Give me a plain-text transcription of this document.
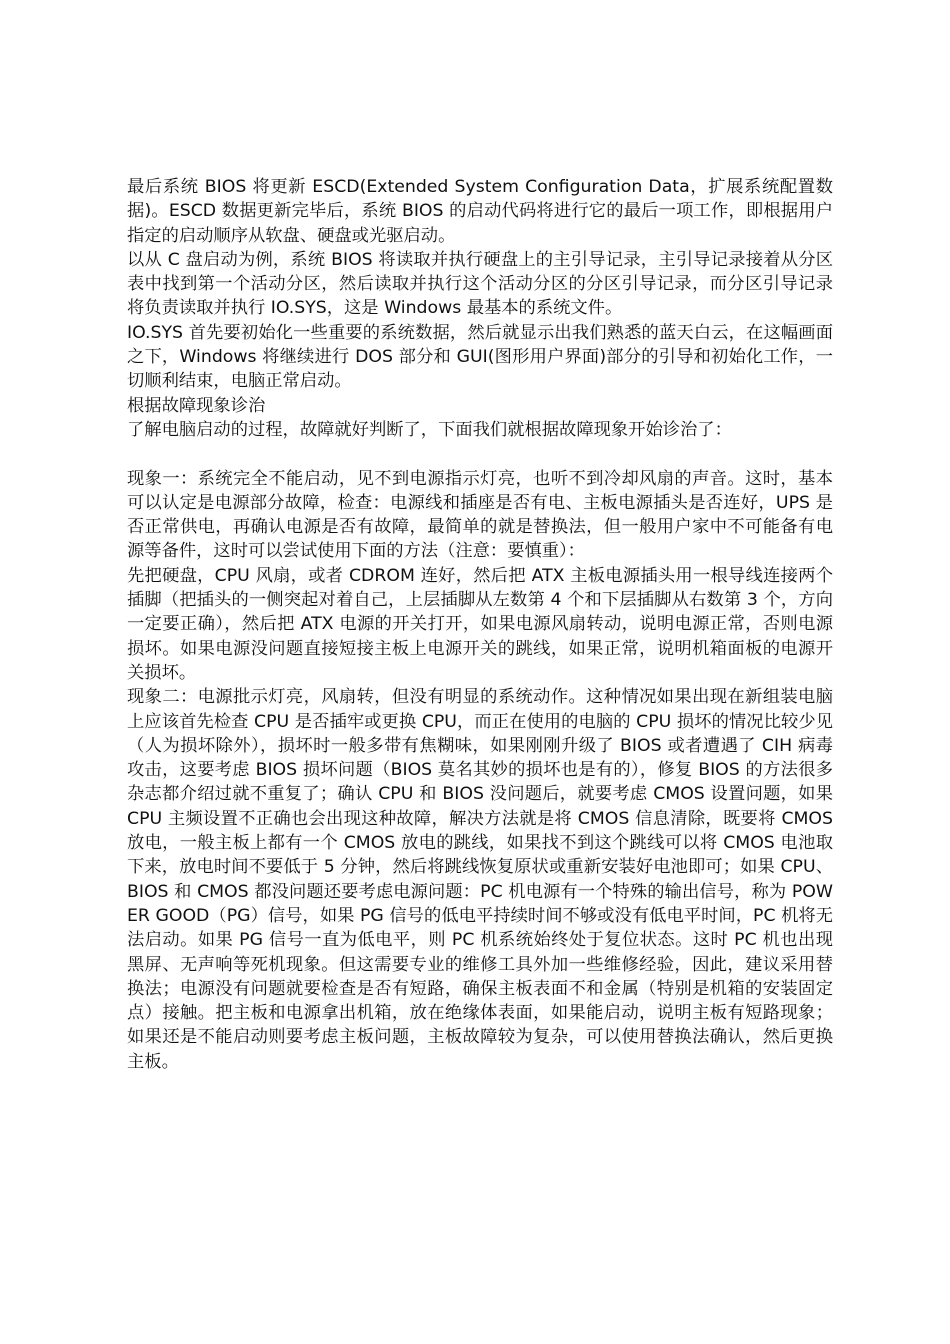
最后系统 BIOS 将更新 ESCD(Extended System Configuration Data，扩展系统配置数据)。ESCD 数据更新完毕后，系统 BIOS 的启动代码将进行它的最后一项工作，即根据用户指定的启动顺序从软盘、硬盘或光驱启动。

以从 C 盘启动为例，系统 BIOS 将读取并执行硬盘上的主引导记录，主引导记录接着从分区表中找到第一个活动分区，然后读取并执行这个活动分区的分区引导记录，而分区引导记录将负责读取并执行 IO.SYS，这是 Windows 最基本的系统文件。

IO.SYS 首先要初始化一些重要的系统数据，然后就显示出我们熟悉的蓝天白云，在这幅画面之下，Windows 将继续进行 DOS 部分和 GUI(图形用户界面)部分的引导和初始化工作，一切顺利结束，电脑正常启动。

根据故障现象诊治

了解电脑启动的过程，故障就好判断了，下面我们就根据故障现象开始诊治了：

现象一：系统完全不能启动，见不到电源指示灯亮，也听不到冷却风扇的声音。这时，基本可以认定是电源部分故障，检查：电源线和插座是否有电、主板电源插头是否连好，UPS 是否正常供电，再确认电源是否有故障，最简单的就是替换法，但一般用户家中不可能备有电源等备件，这时可以尝试使用下面的方法（注意：要慎重）：

先把硬盘，CPU 风扇，或者 CDROM 连好，然后把 ATX 主板电源插头用一根导线连接两个插脚（把插头的一侧突起对着自己，上层插脚从左数第 4 个和下层插脚从右数第 3 个，方向一定要正确），然后把 ATX 电源的开关打开，如果电源风扇转动，说明电源正常，否则电源损坏。如果电源没问题直接短接主板上电源开关的跳线，如果正常，说明机箱面板的电源开关损坏。

现象二：电源批示灯亮，风扇转，但没有明显的系统动作。这种情况如果出现在新组装电脑上应该首先检查 CPU 是否插牢或更换 CPU，而正在使用的电脑的 CPU 损坏的情况比较少见（人为损坏除外），损坏时一般多带有焦糊味，如果刚刚升级了 BIOS 或者遭遇了 CIH 病毒攻击，这要考虑 BIOS 损坏问题（BIOS 莫名其妙的损坏也是有的），修复 BIOS 的方法很多杂志都介绍过就不重复了；确认 CPU 和 BIOS 没问题后，就要考虑 CMOS 设置问题，如果 CPU 主频设置不正确也会出现这种故障，解决方法就是将 CMOS 信息清除，既要将 CMOS 放电，一般主板上都有一个 CMOS 放电的跳线，如果找不到这个跳线可以将 CMOS 电池取下来，放电时间不要低于 5 分钟，然后将跳线恢复原状或重新安装好电池即可；如果 CPU、BIOS 和 CMOS 都没问题还要考虑电源问题：PC 机电源有一个特殊的输出信号，称为 POWER GOOD（PG）信号，如果 PG 信号的低电平持续时间不够或没有低电平时间，PC 机将无法启动。如果 PG 信号一直为低电平，则 PC 机系统始终处于复位状态。这时 PC 机也出现黑屏、无声响等死机现象。但这需要专业的维修工具外加一些维修经验，因此，建议采用替换法；电源没有问题就要检查是否有短路，确保主板表面不和金属（特别是机箱的安装固定点）接触。把主板和电源拿出机箱，放在绝缘体表面，如果能启动，说明主板有短路现象；如果还是不能启动则要考虑主板问题，主板故障较为复杂，可以使用替换法确认，然后更换主板。
